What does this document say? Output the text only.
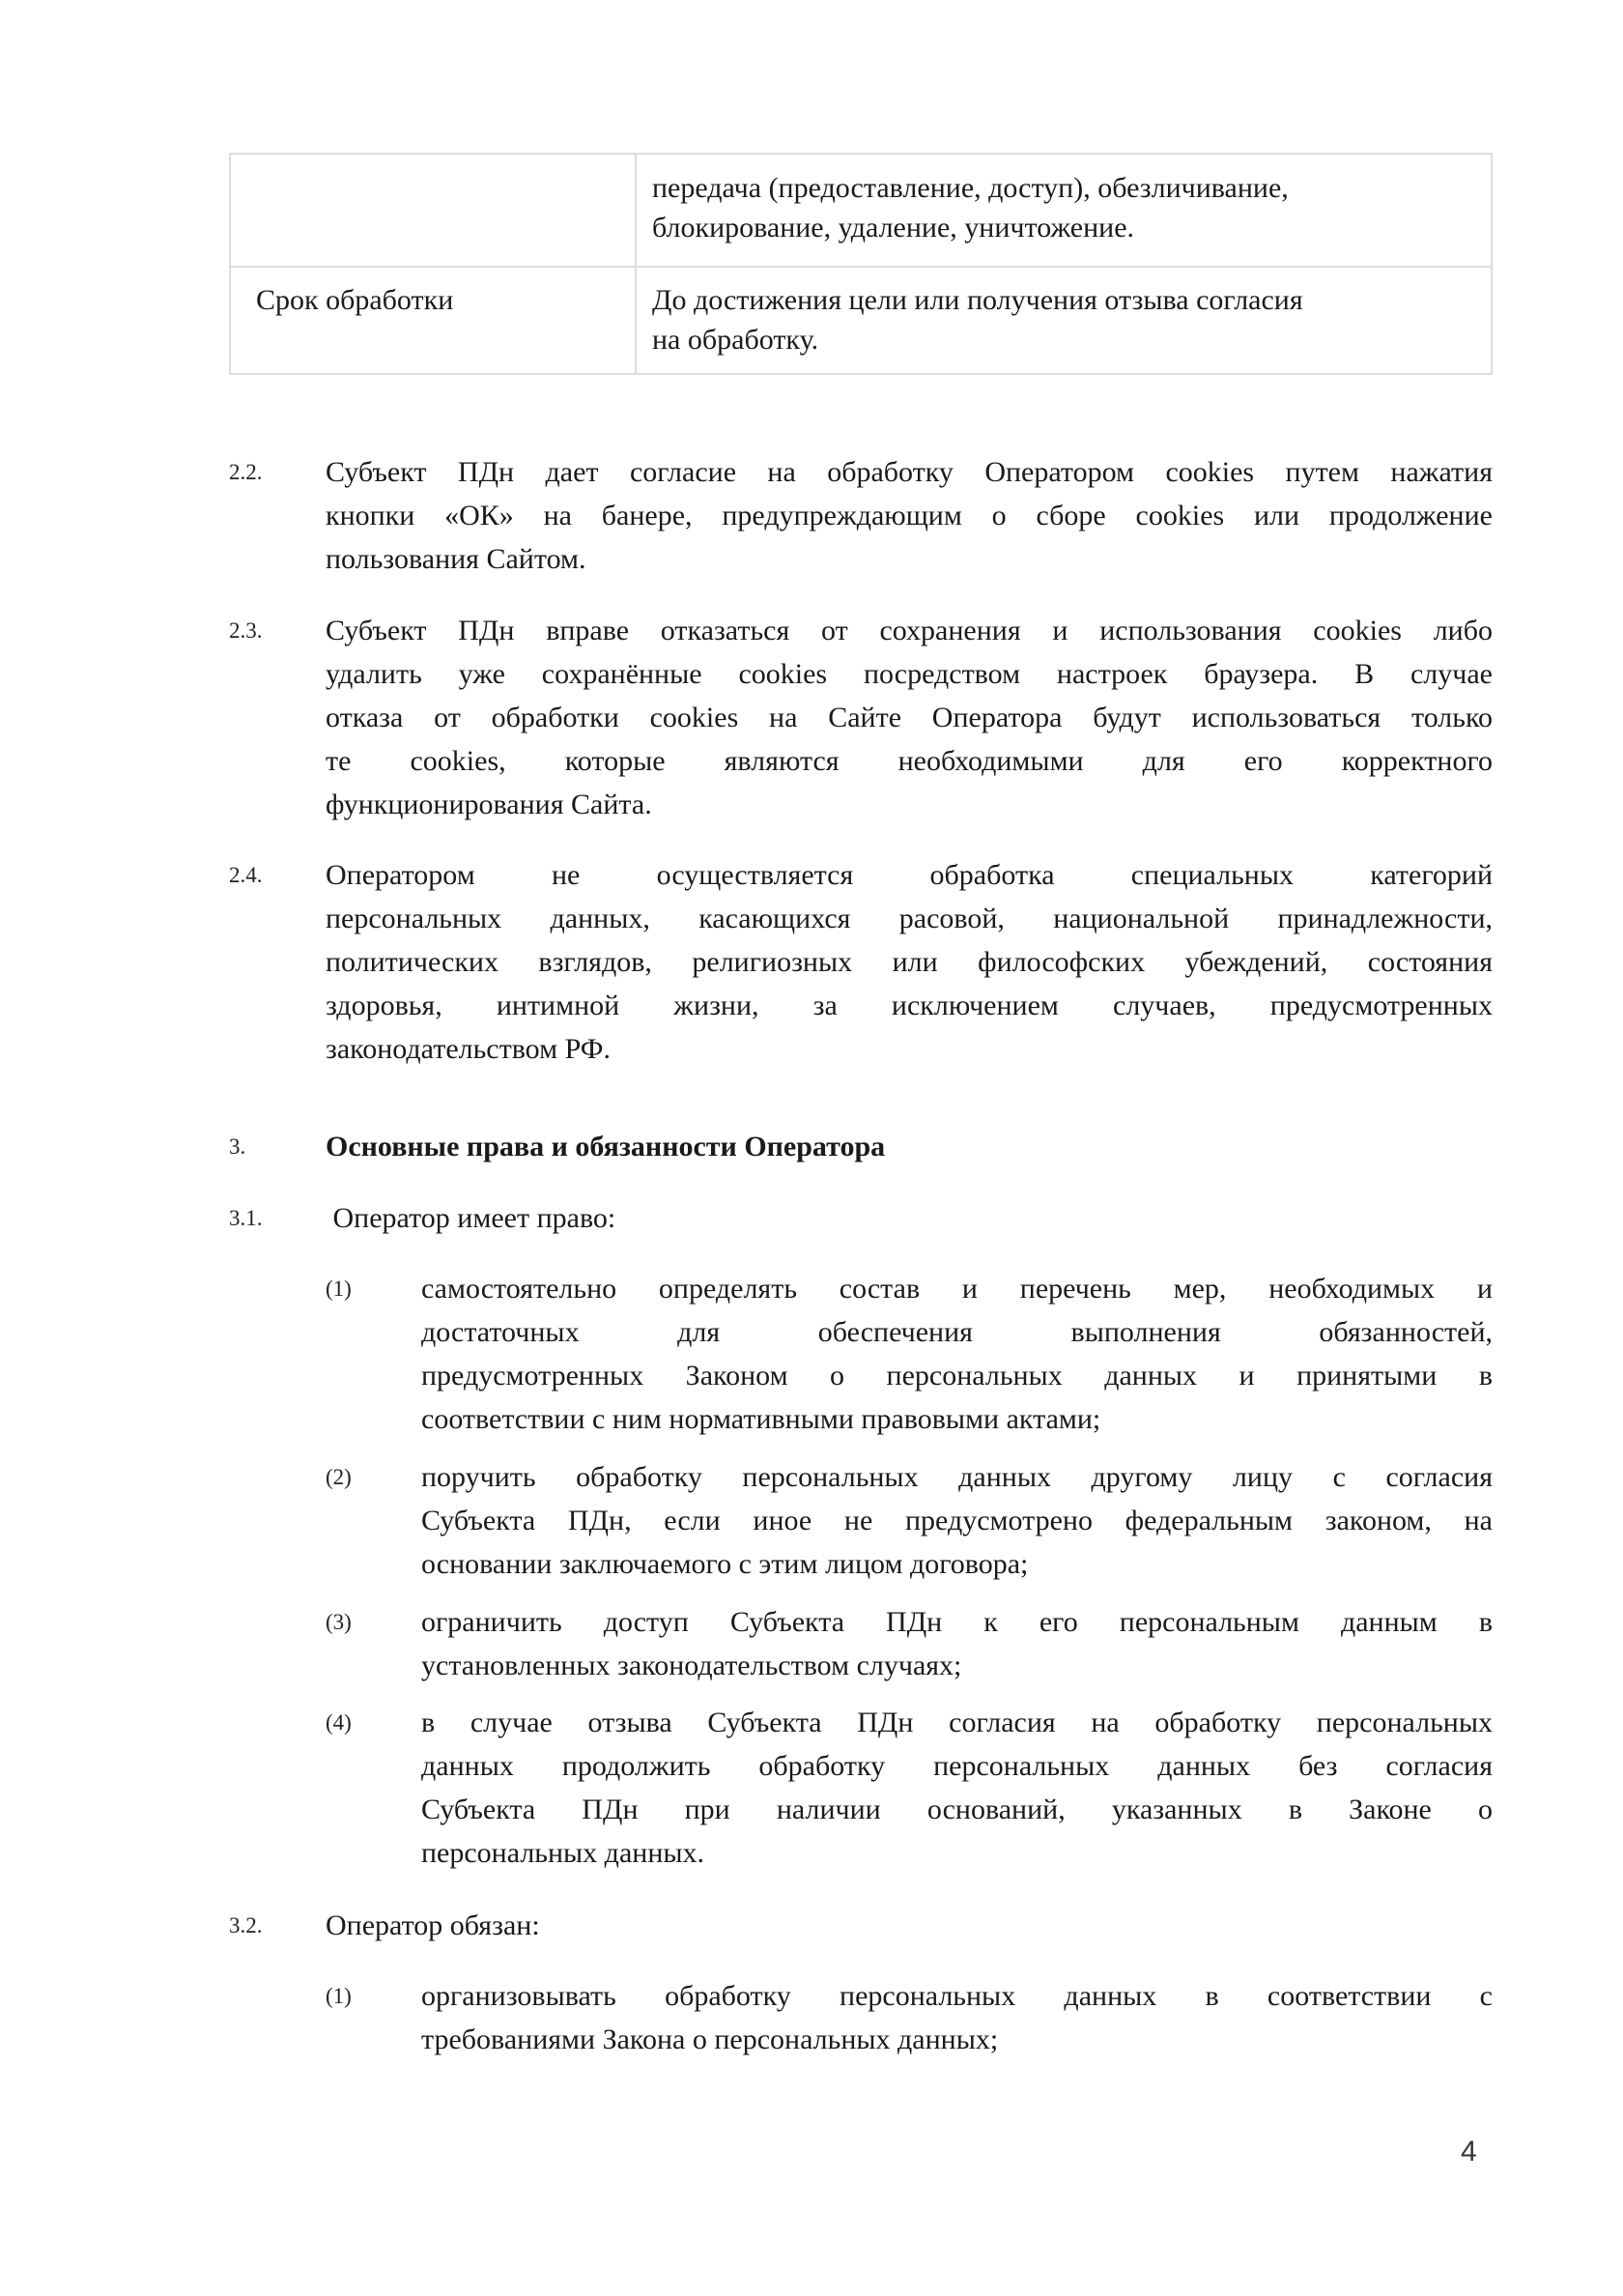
передача (предоставление, доступ), обезличивание,
блокирование, удаление, уничтожение.
Срок обработки	До достижения цели или получения отзыва согласия
на обработку.
2.2. Субъект ПДн дает согласие на обработку Оператором cookies путем нажатия
кнопки «ОК» на банере, предупреждающим о сборе cookies или продолжение
пользования Сайтом.
2.3. Субъект ПДн вправе отказаться от сохранения и использования cookies либо
удалить уже сохранённые cookies посредством настроек браузера. В случае
отказа от обработки cookies на Сайте Оператора будут использоваться только
те cookies, которые являются необходимыми для его корректного
функционирования Сайта.
2.4. Оператором не осуществляется обработка специальных категорий
персональных данных, касающихся расовой, национальной принадлежности,
политических взглядов, религиозных или философских убеждений, состояния
здоровья, интимной жизни, за исключением случаев, предусмотренных
законодательством РФ.
3.	Основные права и обязанности Оператора
3.1. Оператор имеет право:
3.2. Оператор обязан:
(1) самостоятельно определять состав и перечень мер, необходимых и
достаточных для обеспечения выполнения обязанностей,
предусмотренных Законом о персональных данных и принятыми в
соответствии с ним нормативными правовыми актами;
(2) поручить обработку персональных данных другому лицу с согласия
Субъекта ПДн, если иное не предусмотрено федеральным законом, на
основании заключаемого с этим лицом договора;
(3) ограничить доступ Субъекта ПДн к его персональным данным в
установленных законодательством случаях;
(4) в случае отзыва Субъекта ПДн согласия на обработку персональных
данных продолжить обработку персональных данных без согласия
Субъекта ПДн при наличии оснований, указанных в Законе о
персональных данных.
(1) организовывать обработку персональных данных в соответствии с
требованиями Закона о персональных данных;
4
